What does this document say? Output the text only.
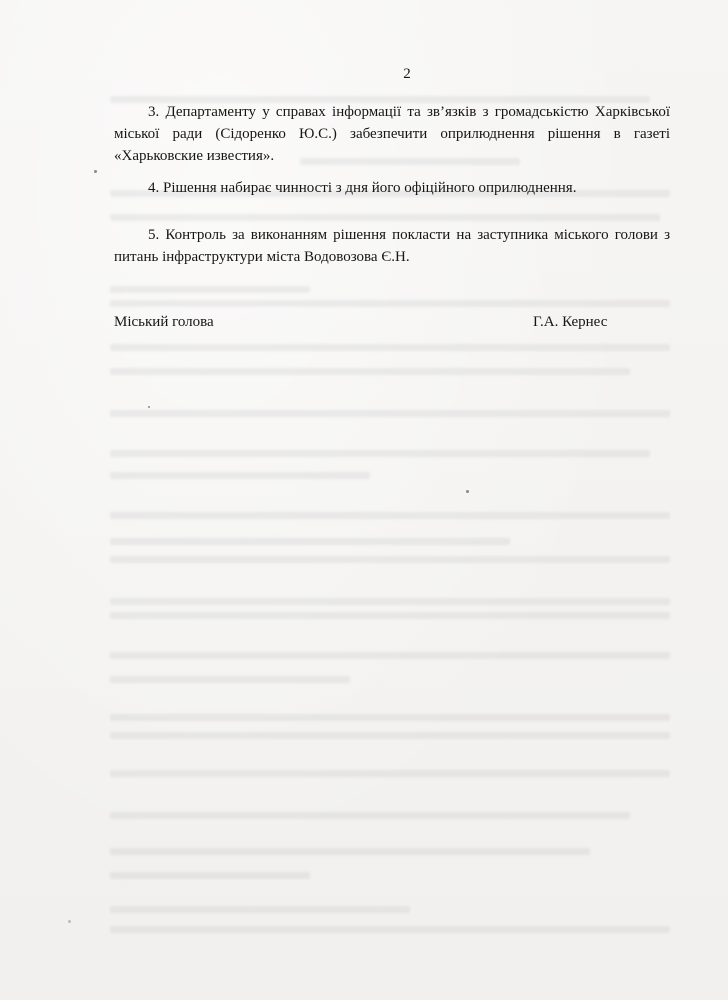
2

3. Департаменту у справах інформації та зв’язків з громадськістю Харківської міської ради (Сідоренко Ю.С.) забезпечити оприлюднення рішення в газеті «Харьковские известия».

4. Рішення набирає чинності з дня його офіційного оприлюднення.

5. Контроль за виконанням рішення покласти на заступника міського голови з питань інфраструктури міста Водовозова Є.Н.

Міський голова	Г.А. Кернес
